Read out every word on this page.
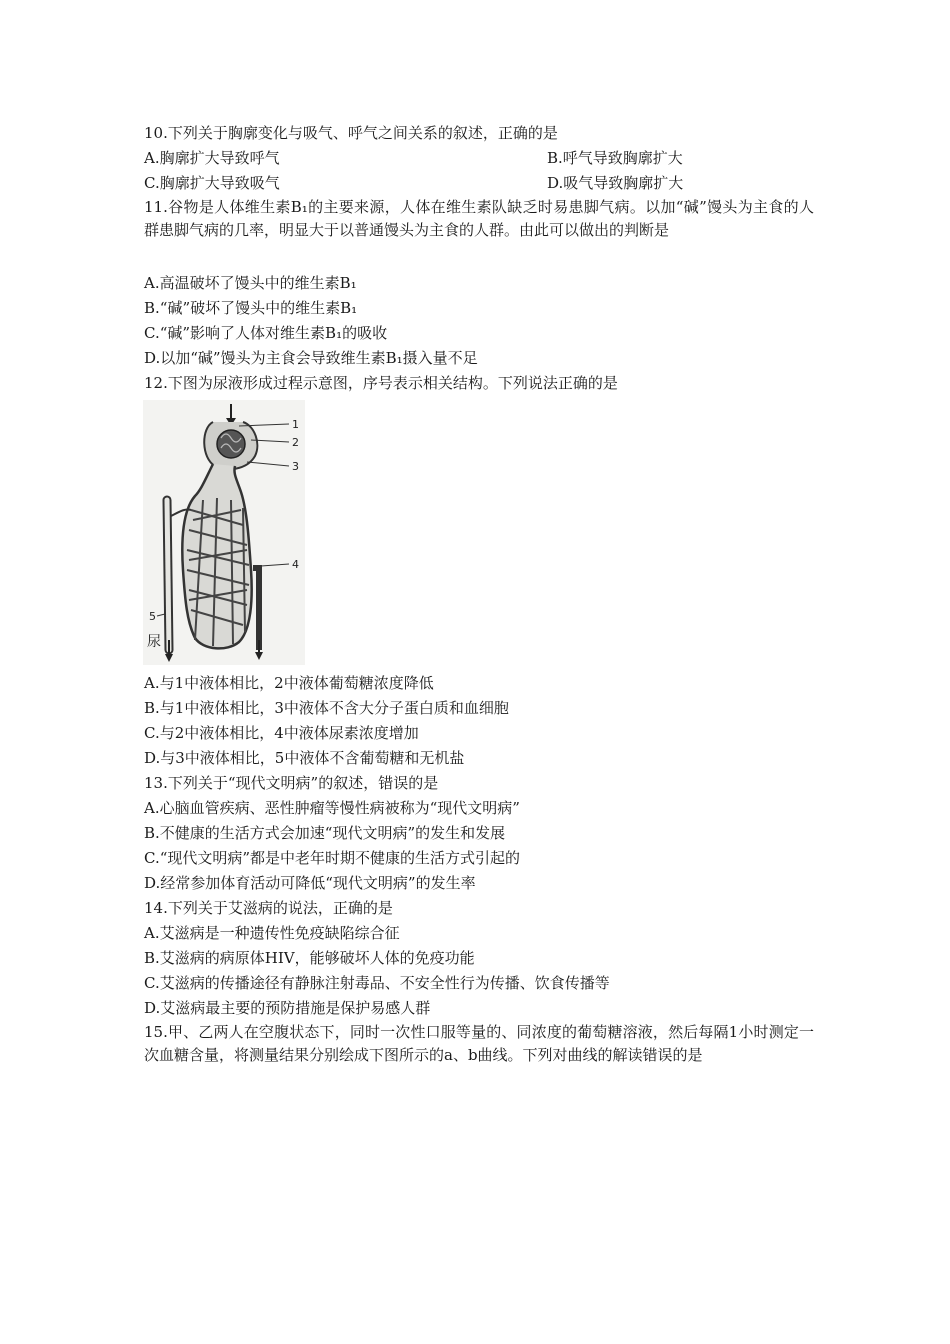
10.下列关于胸廓变化与吸气、呼气之间关系的叙述，正确的是
A.胸廓扩大导致呼气	B.呼气导致胸廓扩大
C.胸廓扩大导致吸气	D.吸气导致胸廓扩大
11.谷物是人体维生素B₁的主要来源，人体在维生素队缺乏时易患脚气病。以加“碱”馒头为主食的人群患脚气病的几率，明显大于以普通馒头为主食的人群。由此可以做出的判断是
A.高温破坏了馒头中的维生素B₁
B.“碱”破坏了馒头中的维生素B₁
C.“碱”影响了人体对维生素B₁的吸收
D.以加“碱”馒头为主食会导致维生素B₁摄入量不足
12.下图为尿液形成过程示意图，序号表示相关结构。下列说法正确的是
1
2
3
4
5
尿
A.与1中液体相比，2中液体葡萄糖浓度降低
B.与1中液体相比，3中液体不含大分子蛋白质和血细胞
C.与2中液体相比，4中液体尿素浓度增加
D.与3中液体相比，5中液体不含葡萄糖和无机盐
13.下列关于“现代文明病”的叙述，错误的是
A.心脑血管疾病、恶性肿瘤等慢性病被称为“现代文明病”
B.不健康的生活方式会加速“现代文明病”的发生和发展
C.“现代文明病”都是中老年时期不健康的生活方式引起的
D.经常参加体育活动可降低“现代文明病”的发生率
14.下列关于艾滋病的说法，正确的是
A.艾滋病是一种遗传性免疫缺陷综合征
B.艾滋病的病原体HIV，能够破坏人体的免疫功能
C.艾滋病的传播途径有静脉注射毒品、不安全性行为传播、饮食传播等
D.艾滋病最主要的预防措施是保护易感人群
15.甲、乙两人在空腹状态下，同时一次性口服等量的、同浓度的葡萄糖溶液，然后每隔1小时测定一次血糖含量，将测量结果分别绘成下图所示的a、b曲线。下列对曲线的解读错误的是
